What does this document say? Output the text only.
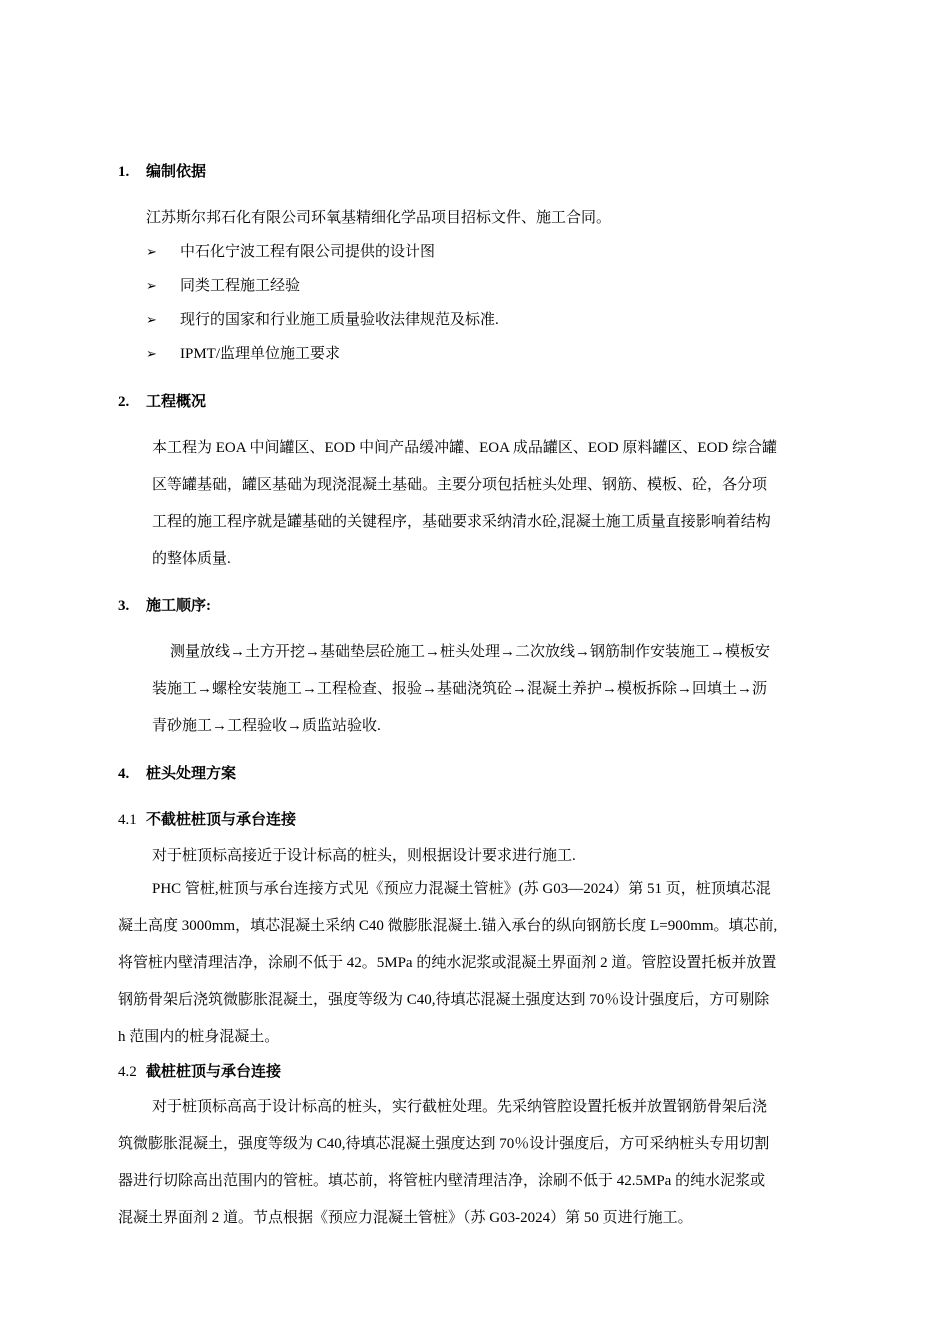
1. 编制依据
江苏斯尔邦石化有限公司环氧基精细化学品项目招标文件、施工合同。
➢ 中石化宁波工程有限公司提供的设计图
➢ 同类工程施工经验
➢ 现行的国家和行业施工质量验收法律规范及标准.
➢ IPMT/监理单位施工要求
2. 工程概况
本工程为 EOA 中间罐区、EOD 中间产品缓冲罐、EOA 成品罐区、EOD 原料罐区、EOD 综合罐
区等罐基础，罐区基础为现浇混凝土基础。主要分项包括桩头处理、钢筋、模板、砼，各分项
工程的施工程序就是罐基础的关键程序，基础要求采纳清水砼,混凝土施工质量直接影响着结构
的整体质量.
3. 施工顺序:
测量放线→土方开挖→基础垫层砼施工→桩头处理→二次放线→钢筋制作安装施工→模板安
装施工→螺栓安装施工→工程检查、报验→基础浇筑砼→混凝土养护→模板拆除→回填土→沥
青砂施工→工程验收→质监站验收.
4. 桩头处理方案
4.1 不截桩桩顶与承台连接
对于桩顶标高接近于设计标高的桩头，则根据设计要求进行施工.
PHC 管桩,桩顶与承台连接方式见《预应力混凝土管桩》(苏 G03—2024）第 51 页，桩顶填芯混
凝土高度 3000mm，填芯混凝土采纳 C40 微膨胀混凝土.锚入承台的纵向钢筋长度 L=900mm。填芯前,
将管桩内壁清理洁净，涂刷不低于 42。5MPa 的纯水泥浆或混凝土界面剂 2 道。管腔设置托板并放置
钢筋骨架后浇筑微膨胀混凝土，强度等级为 C40,待填芯混凝土强度达到 70％设计强度后，方可剔除
h 范围内的桩身混凝土。
4.2 截桩桩顶与承台连接
对于桩顶标高高于设计标高的桩头，实行截桩处理。先采纳管腔设置托板并放置钢筋骨架后浇
筑微膨胀混凝土，强度等级为 C40,待填芯混凝土强度达到 70％设计强度后，方可采纳桩头专用切割
器进行切除高出范围内的管桩。填芯前，将管桩内壁清理洁净，涂刷不低于 42.5MPa 的纯水泥浆或
混凝土界面剂 2 道。节点根据《预应力混凝土管桩》（苏 G03-2024）第 50 页进行施工。
